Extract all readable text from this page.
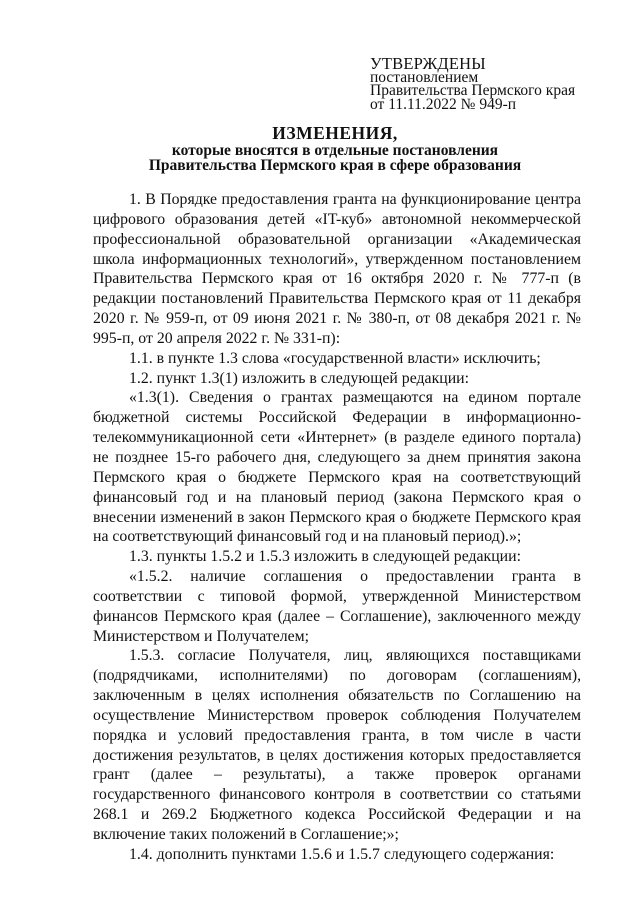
УТВЕРЖДЕНЫ
постановлением
Правительства Пермского края
от 11.11.2022 № 949-п
ИЗМЕНЕНИЯ,
которые вносятся в отдельные постановления
Правительства Пермского края в сфере образования

1. В Порядке предоставления гранта на функционирование центра цифрового образования детей «IT-куб» автономной некоммерческой профессиональной образовательной организации «Академическая школа информационных технологий», утвержденном постановлением Правительства Пермского края от 16 октября 2020 г. № 777-п (в редакции постановлений Правительства Пермского края от 11 декабря 2020 г. № 959-п, от 09 июня 2021 г. № 380-п, от 08 декабря 2021 г. № 995-п, от 20 апреля 2022 г. № 331-п):

1.1. в пункте 1.3 слова «государственной власти» исключить;

1.2. пункт 1.3(1) изложить в следующей редакции:

«1.3(1). Сведения о грантах размещаются на едином портале бюджетной системы Российской Федерации в информационно-телекоммуникационной сети «Интернет» (в разделе единого портала) не позднее 15-го рабочего дня, следующего за днем принятия закона Пермского края о бюджете Пермского края на соответствующий финансовый год и на плановый период (закона Пермского края о внесении изменений в закон Пермского края о бюджете Пермского края на соответствующий финансовый год и на плановый период).»;

1.3. пункты 1.5.2 и 1.5.3 изложить в следующей редакции:

«1.5.2. наличие соглашения о предоставлении гранта в соответствии с типовой формой, утвержденной Министерством финансов Пермского края (далее – Соглашение), заключенного между Министерством и Получателем;

1.5.3. согласие Получателя, лиц, являющихся поставщиками (подрядчиками, исполнителями) по договорам (соглашениям), заключенным в целях исполнения обязательств по Соглашению на осуществление Министерством проверок соблюдения Получателем порядка и условий предоставления гранта, в том числе в части достижения результатов, в целях достижения которых предоставляется грант (далее – результаты), а также проверок органами государственного финансового контроля в соответствии со статьями 268.1 и 269.2 Бюджетного кодекса Российской Федерации и на включение таких положений в Соглашение;»;

1.4. дополнить пунктами 1.5.6 и 1.5.7 следующего содержания:
